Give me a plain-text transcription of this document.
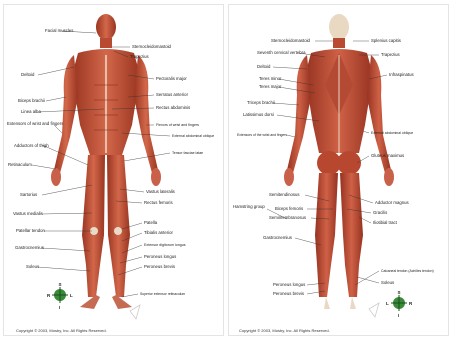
Facial muscles
Deltoid
Biceps brachii
Linea alba
Extensors of wrist and fingers
Adductors of thigh
Retinaculum
Sartorius
Vastus medialis
Patellar tendon
Gastrocnemius
Soleus
Sternocleidomastoid
Trapezius
Pectoralis major
Serratus anterior
Rectus abdominis
Flexors of wrist and fingers
External abdominal oblique
Tensor fasciae latae
Vastus lateralis
Rectus femoris
Patella
Tibialis anterior
Extensor digitorum longus
Peroneus longus
Peroneus brevis
Superior extensor retinaculum
S
R	L
I
Copyright © 2003, Mosby, Inc. All Rights Reserved.
Sternocleidomastoid
Seventh cervical vertebra
Deltoid
Teres minor
Teres major
Triceps brachii
Latissimus dorsi
Extensors of the wrist and fingers
Semitendinosus
Biceps femoris
Semimembranosus
Hamstring group
Gastrocnemius
Peroneus longus
Peroneus brevis
Splenius capitis
Trapezius
Infraspinatus
External abdominal oblique
Gluteus maximus
Adductor magnus
Gracilis
Iliotibial tract
Calcaneal tendon (Achilles tendon)
Soleus
S
L	R
I
Copyright © 2003, Mosby, Inc. All Rights Reserved.
